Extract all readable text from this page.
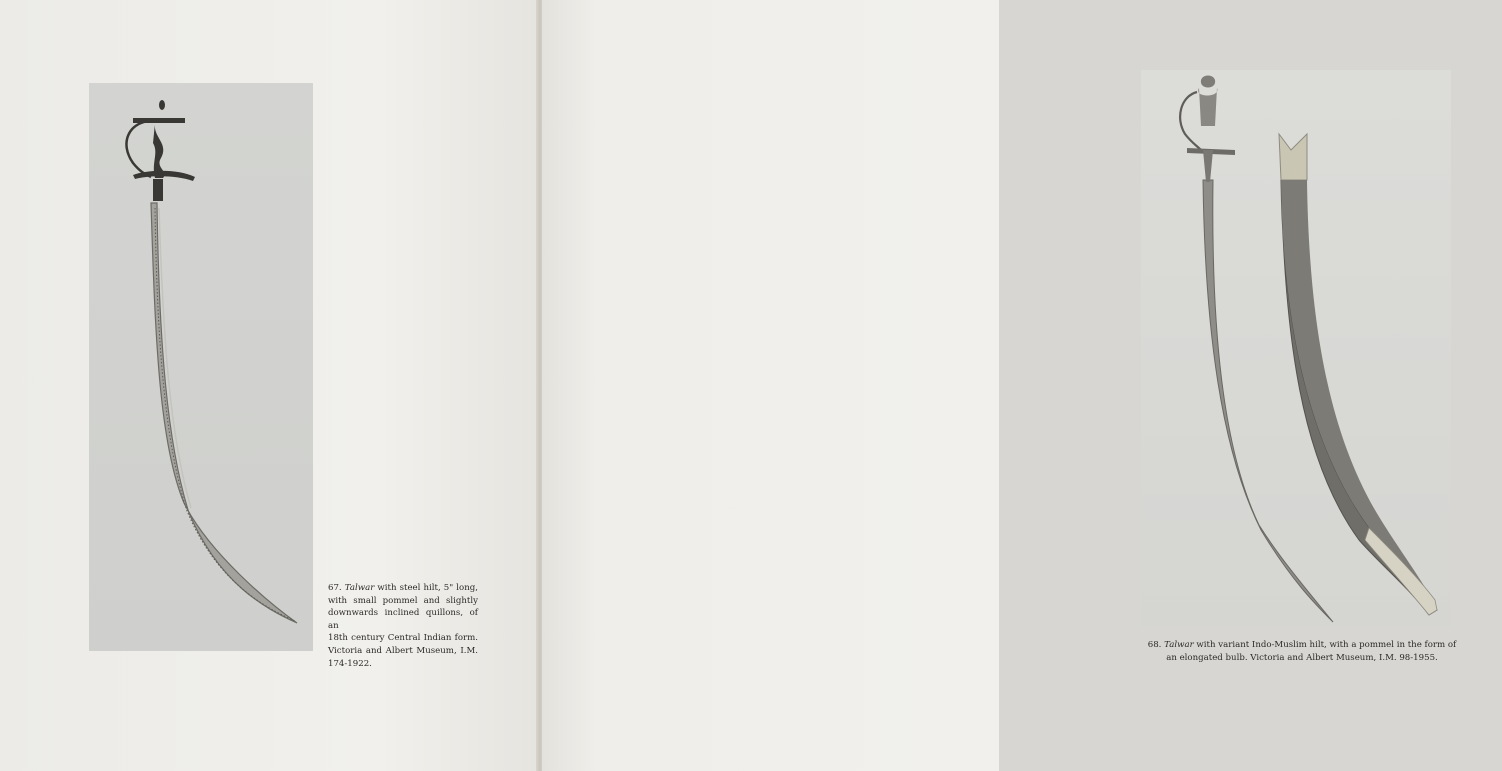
67. Talwar with steel hilt, 5" long,
with small pommel and slightly
downwards inclined quillons, of an
18th century Central Indian form.
Victoria and Albert Museum, I.M.
174-1922.
68. Talwar with variant Indo-Muslim hilt, with a pommel in the form of
an elongated bulb. Victoria and Albert Museum, I.M. 98-1955.
